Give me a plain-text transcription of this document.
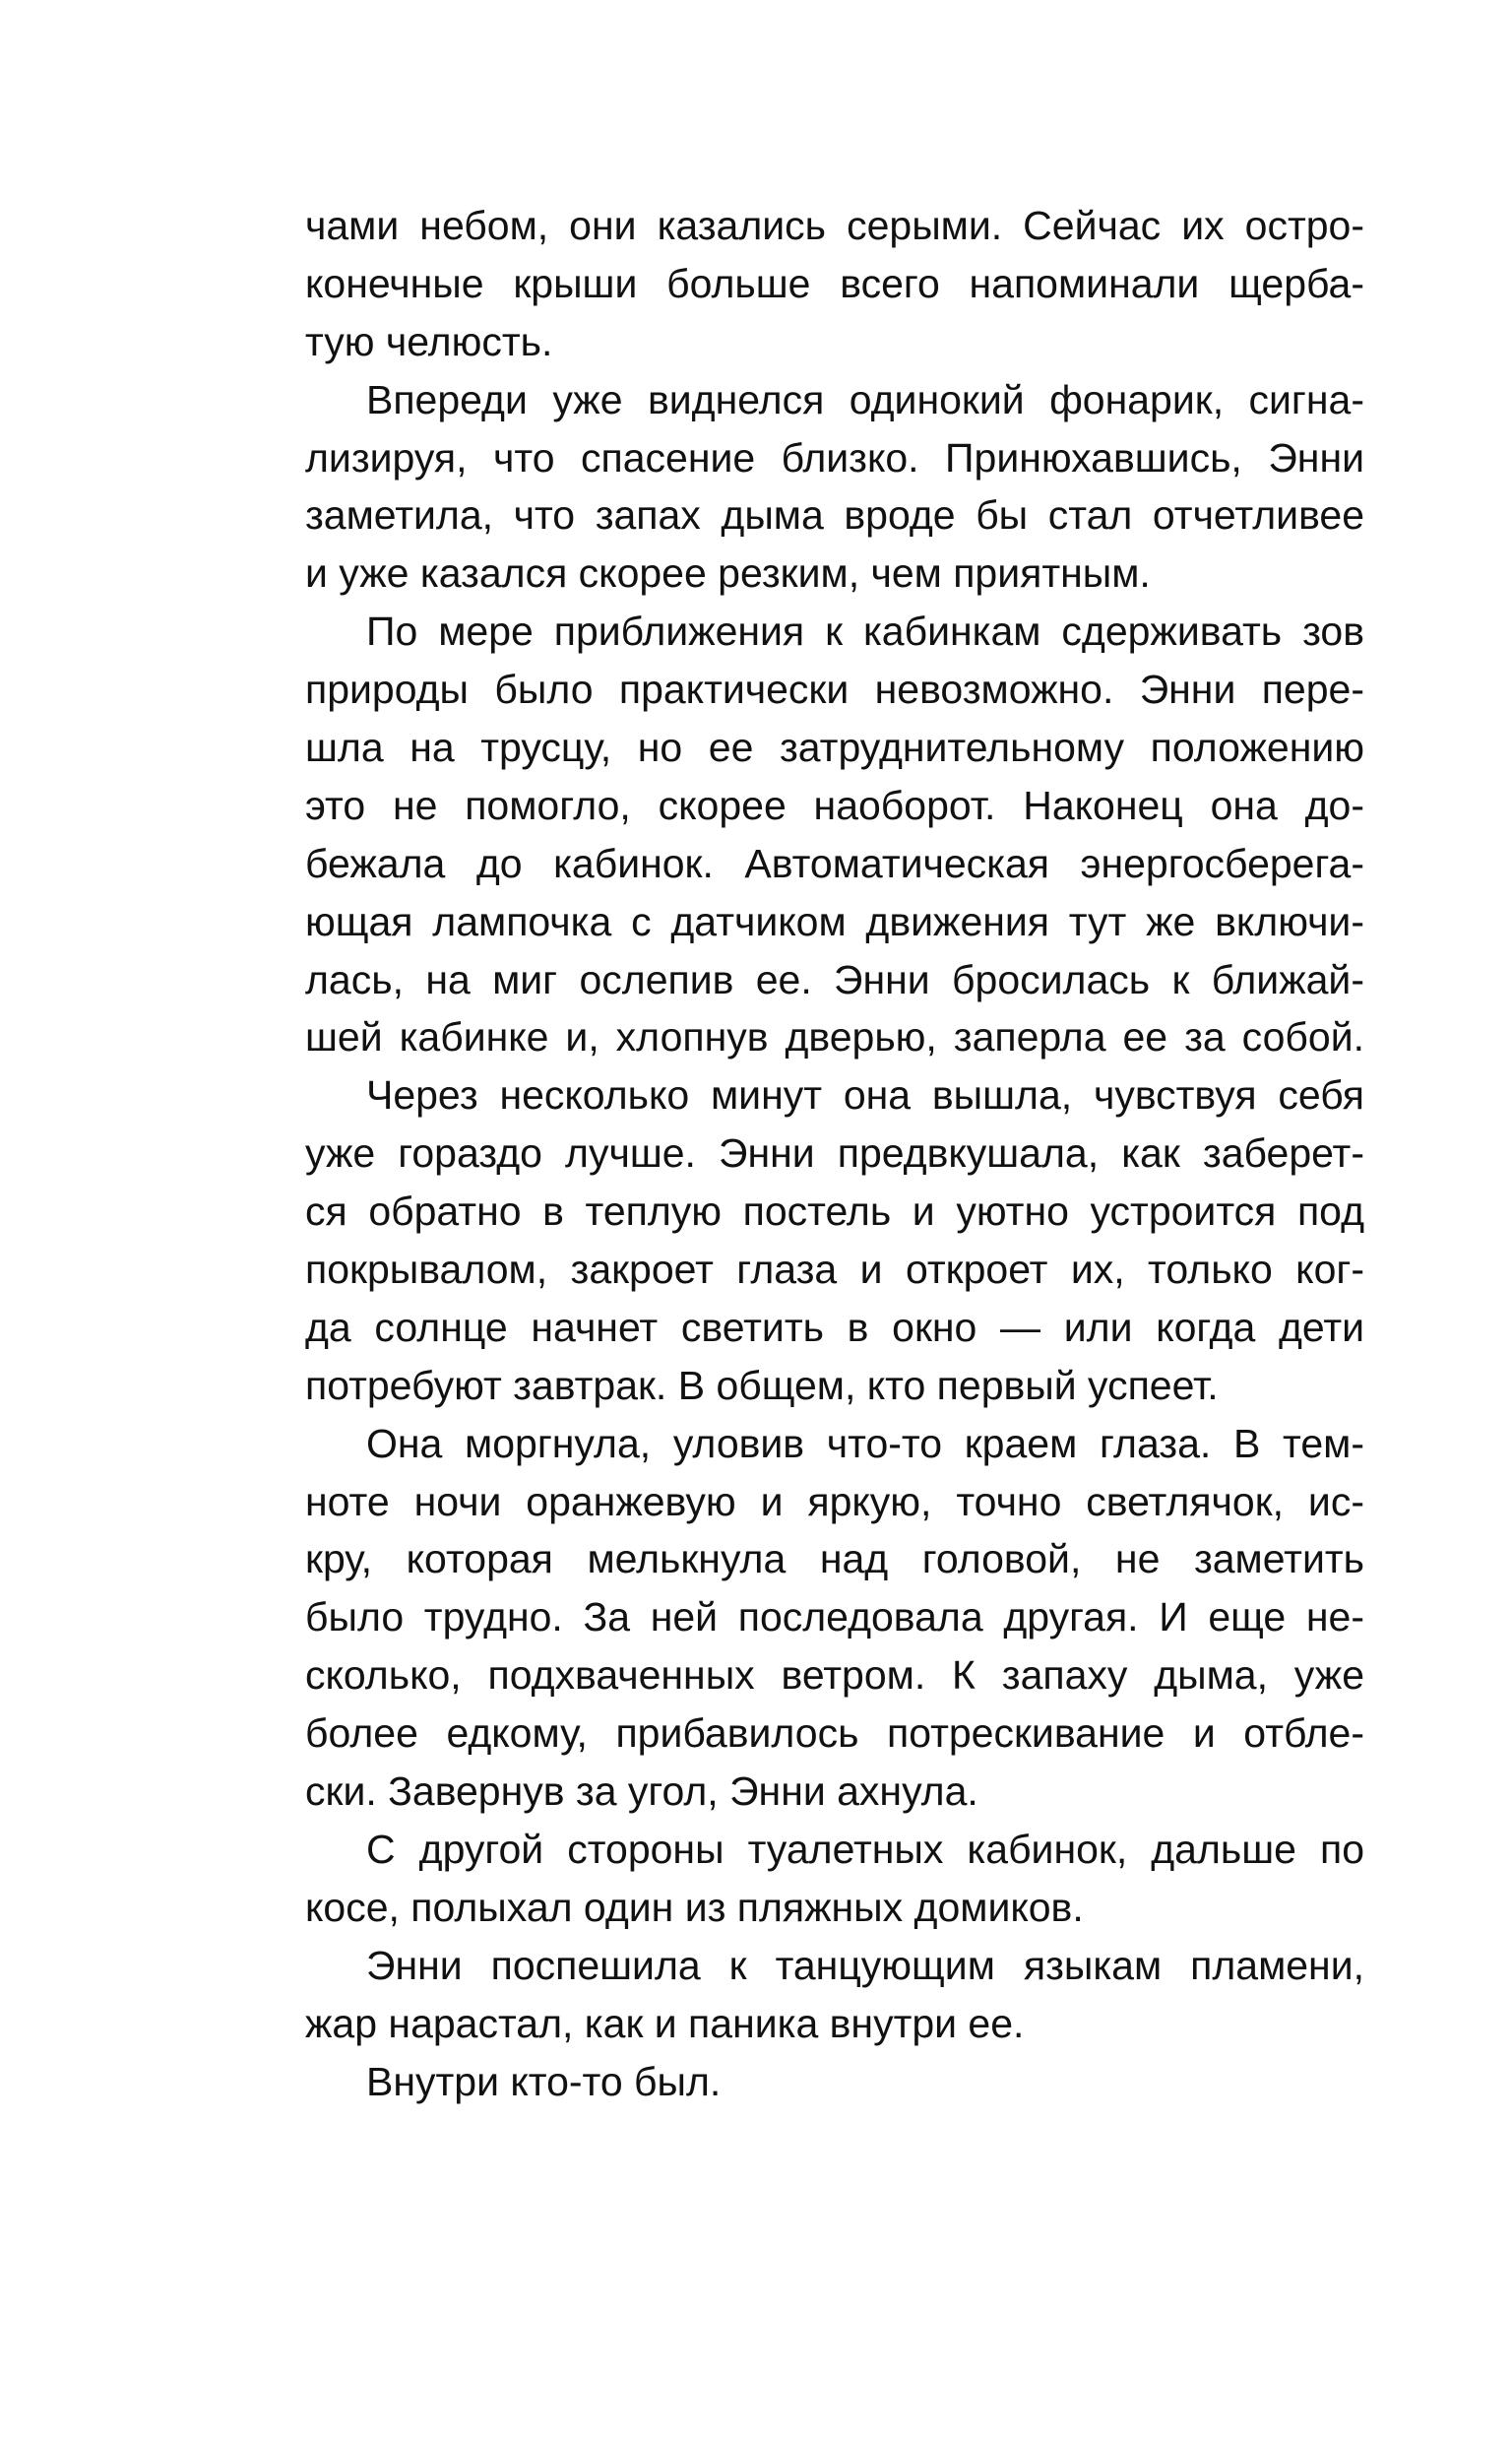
чами небом, они казались серыми. Сейчас их остро-
конечные крыши больше всего напоминали щерба-
тую челюсть.
Впереди уже виднелся одинокий фонарик, сигна-
лизируя, что спасение близко. Принюхавшись, Энни
заметила, что запах дыма вроде бы стал отчетливее
и уже казался скорее резким, чем приятным.
По мере приближения к кабинкам сдерживать зов
природы было практически невозможно. Энни пере-
шла на трусцу, но ее затруднительному положению
это не помогло, скорее наоборот. Наконец она до-
бежала до кабинок. Автоматическая энергосберега-
ющая лампочка с датчиком движения тут же включи-
лась, на миг ослепив ее. Энни бросилась к ближай-
шей кабинке и, хлопнув дверью, заперла ее за собой.
Через несколько минут она вышла, чувствуя себя
уже гораздо лучше. Энни предвкушала, как заберет-
ся обратно в теплую постель и уютно устроится под
покрывалом, закроет глаза и откроет их, только ког-
да солнце начнет светить в окно — или когда дети
потребуют завтрак. В общем, кто первый успеет.
Она моргнула, уловив что-то краем глаза. В тем-
ноте ночи оранжевую и яркую, точно светлячок, ис-
кру, которая мелькнула над головой, не заметить
было трудно. За ней последовала другая. И еще не-
сколько, подхваченных ветром. К запаху дыма, уже
более едкому, прибавилось потрескивание и отбле-
ски. Завернув за угол, Энни ахнула.
С другой стороны туалетных кабинок, дальше по
косе, полыхал один из пляжных домиков.
Энни поспешила к танцующим языкам пламени,
жар нарастал, как и паника внутри ее.
Внутри кто-то был.
